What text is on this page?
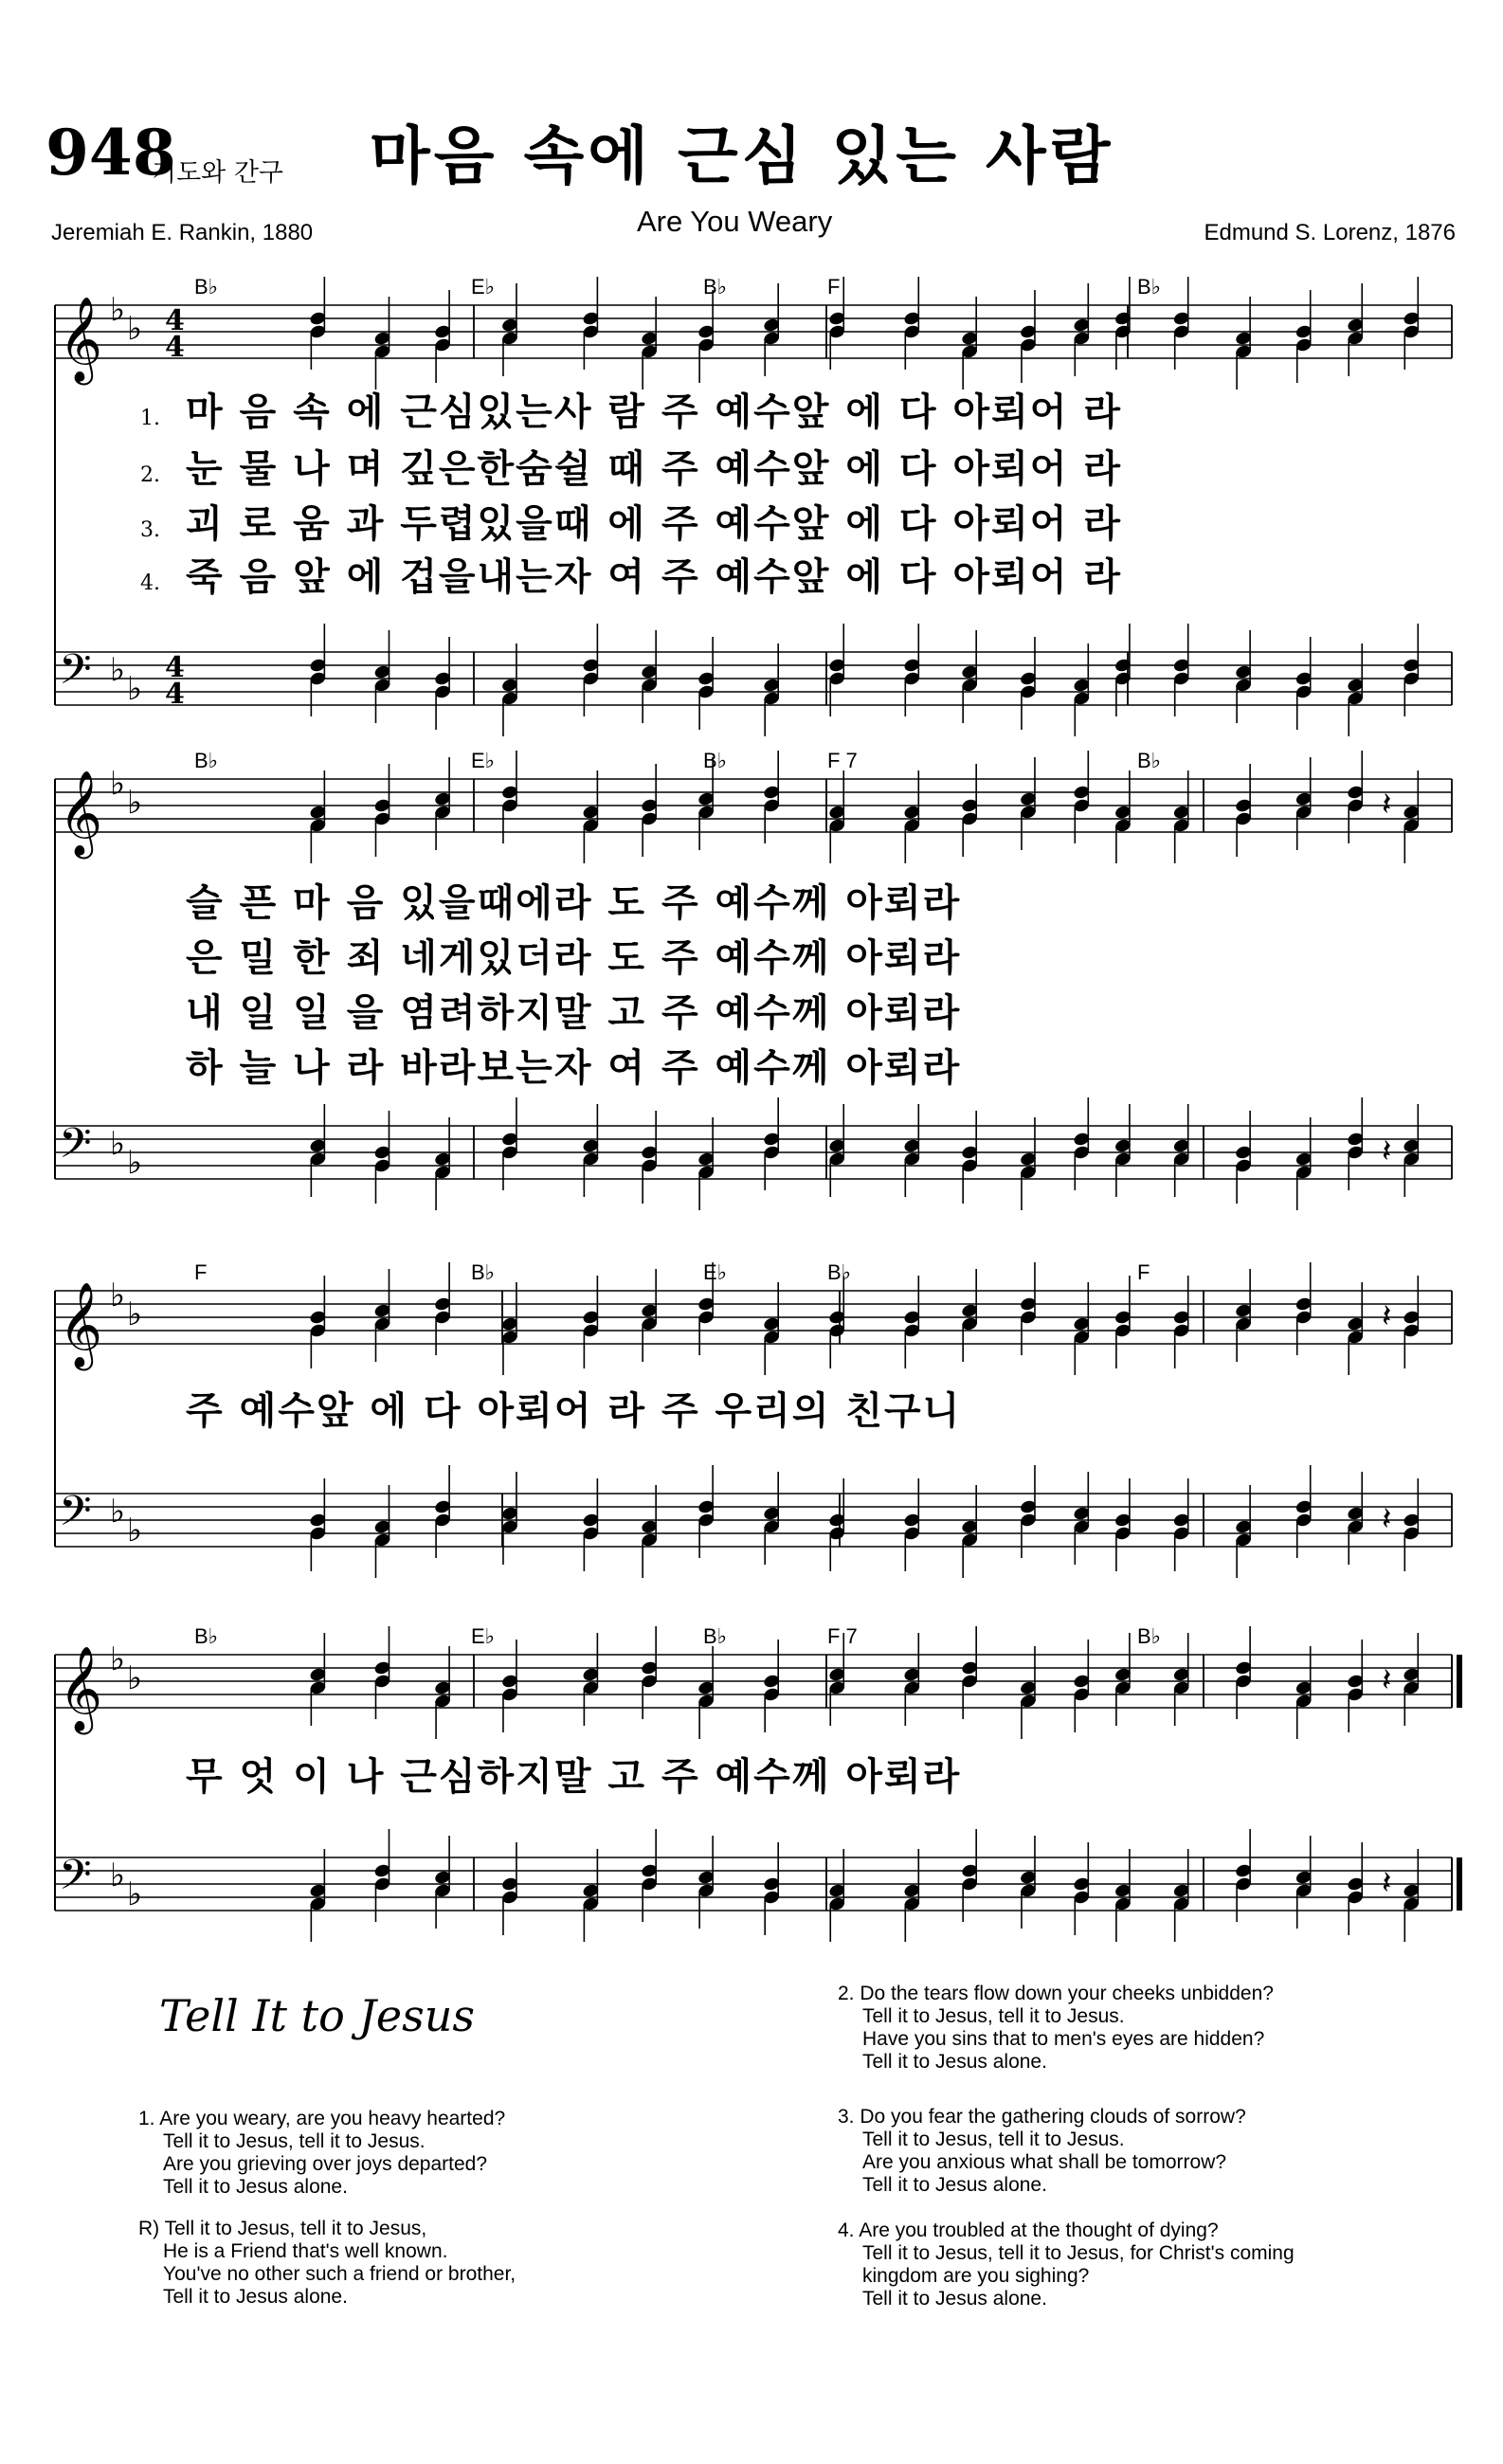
948
기도와 간구 마음 속에 근심 있는 사람
Jeremiah E. Rankin, 1880	Are You Weary	Edmund S. Lorenz, 1876
𝄞 ♭ ♭ 4
4
𝄢 ♭ ♭
4
4
B♭	E♭	B♭	F	B♭
1. 마 음 속 에 근심있는사 람 주 예수앞 에 다 아뢰어 라
2. 눈 물 나 며 깊은한숨쉴 때 주 예수앞 에 다 아뢰어 라
3. 괴 로 움 과 두렵있을때 에 주 예수앞 에 다 아뢰어 라
4. 죽 음 앞 에 겁을내는자 여 주 예수앞 에 다 아뢰어 라
𝄞 ♭ ♭
𝄢 ♭ ♭
𝄽
𝄽
B♭	E♭	B♭	F 7	B♭
슬 픈 마 음 있을때에라 도 주 예수께 아뢰라
은 밀 한 죄 네게있더라 도 주 예수께 아뢰라
내 일 일 을 염려하지말 고 주 예수께 아뢰라
하 늘 나 라 바라보는자 여 주 예수께 아뢰라
𝄞 ♭ ♭
𝄢 ♭ ♭
𝄽
𝄽
F	B♭	E♭	B♭	F
주 예수앞 에 다 아뢰어 라 주 우리의 친구니
𝄞 ♭ ♭
𝄢 ♭ ♭
𝄽
𝄽
B♭	E♭	B♭	F 7	B♭
무 엇 이 나 근심하지말 고 주 예수께 아뢰라
Tell It to Jesus
1. Are you weary, are you heavy hearted?
Tell it to Jesus, tell it to Jesus.
Are you grieving over joys departed?
Tell it to Jesus alone.
R) Tell it to Jesus, tell it to Jesus,
He is a Friend that's well known.
You've no other such a friend or brother,
Tell it to Jesus alone.
2. Do the tears flow down your cheeks unbidden?
Tell it to Jesus, tell it to Jesus.
Have you sins that to men's eyes are hidden?
Tell it to Jesus alone.
3. Do you fear the gathering clouds of sorrow?
Tell it to Jesus, tell it to Jesus.
Are you anxious what shall be tomorrow?
Tell it to Jesus alone.
4. Are you troubled at the thought of dying?
Tell it to Jesus, tell it to Jesus, for Christ's coming
kingdom are you sighing?
Tell it to Jesus alone.
